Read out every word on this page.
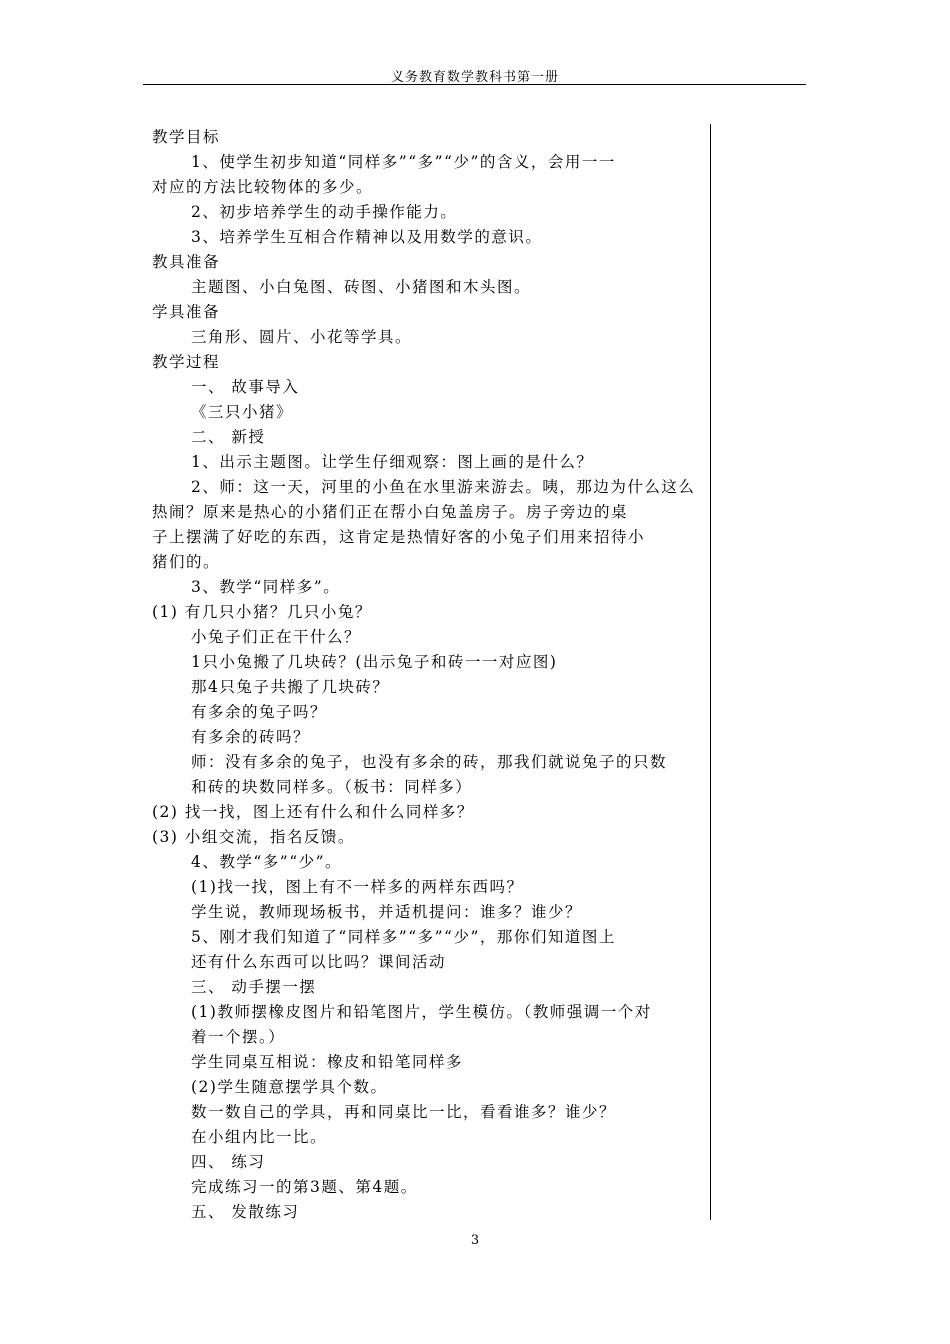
义务教育数学教科书第一册
教学目标
1、使学生初步知道“同样多”“多”“少”的含义，会用一一
对应的方法比较物体的多少。
2、初步培养学生的动手操作能力。
3、培养学生互相合作精神以及用数学的意识。
教具准备
主题图、小白兔图、砖图、小猪图和木头图。
学具准备
三角形、圆片、小花等学具。
教学过程
一、 故事导入
《三只小猪》
二、 新授
1、出示主题图。让学生仔细观察：图上画的是什么？
2、师：这一天，河里的小鱼在水里游来游去。咦，那边为什么这么
热闹？原来是热心的小猪们正在帮小白兔盖房子。房子旁边的桌
子上摆满了好吃的东西，这肯定是热情好客的小兔子们用来招待小
猪们的。
3、教学“同样多”。
(1) 有几只小猪？几只小兔？
小兔子们正在干什么？
1只小兔搬了几块砖？(出示兔子和砖一一对应图)
那4只兔子共搬了几块砖？
有多余的兔子吗？
有多余的砖吗？
师：没有多余的兔子，也没有多余的砖，那我们就说兔子的只数
和砖的块数同样多。（板书：同样多）
(2) 找一找，图上还有什么和什么同样多？
(3) 小组交流，指名反馈。
4、教学“多”“少”。
(1)找一找，图上有不一样多的两样东西吗？
学生说，教师现场板书，并适机提问：谁多？谁少？
5、刚才我们知道了“同样多”“多”“少”，那你们知道图上
还有什么东西可以比吗？课间活动
三、 动手摆一摆
(1)教师摆橡皮图片和铅笔图片，学生模仿。（教师强调一个对
着一个摆。）
学生同桌互相说：橡皮和铅笔同样多
(2)学生随意摆学具个数。
数一数自己的学具，再和同桌比一比，看看谁多？谁少？
在小组内比一比。
四、 练习
完成练习一的第3题、第4题。
五、 发散练习
3
